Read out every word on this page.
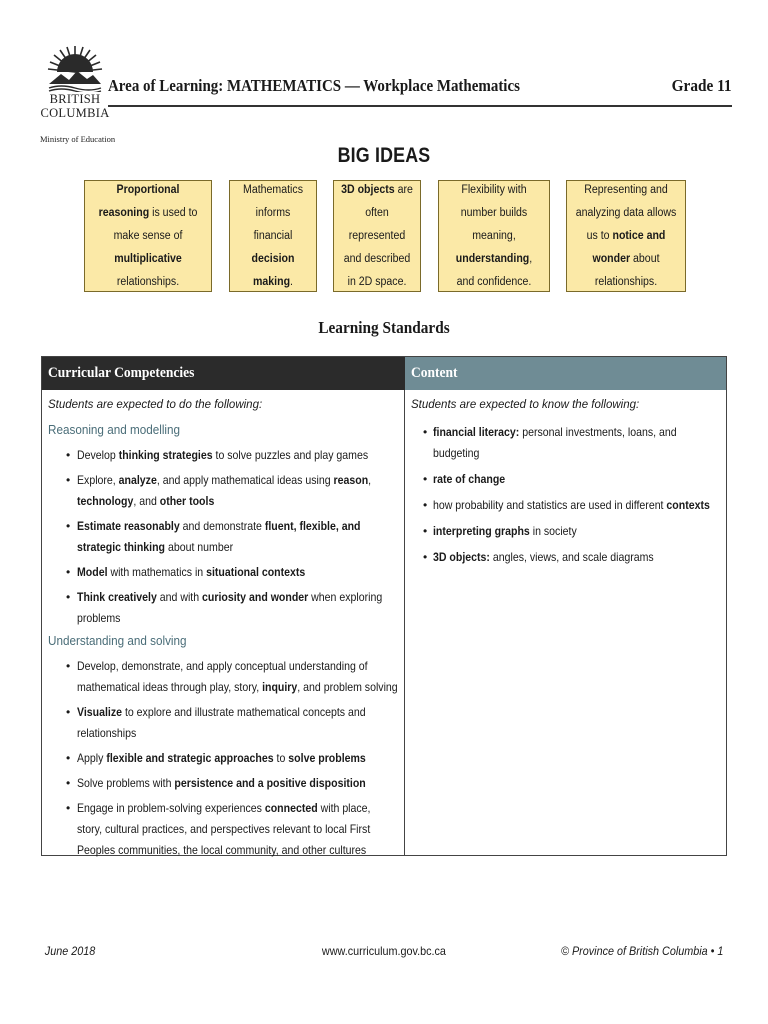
BRITISH
COLUMBIA
Ministry of Education
Area of Learning: MATHEMATICS — Workplace Mathematics	Grade 11
BIG IDEAS
Proportional reasoning is used to make sense of multiplicative relationships.
Mathematics informs financial decision making.
3D objects are often represented and described in 2D space.
Flexibility with number builds meaning, understanding, and confidence.
Representing and analyzing data allows us to notice and wonder about relationships.
Learning Standards
Curricular Competencies	Content
Students are expected to do the following:
Reasoning and modelling
• Develop thinking strategies to solve puzzles and play games
• Explore, analyze, and apply mathematical ideas using reason, technology, and other tools
• Estimate reasonably and demonstrate fluent, flexible, and strategic thinking about number
• Model with mathematics in situational contexts
• Think creatively and with curiosity and wonder when exploring problems
Understanding and solving
• Develop, demonstrate, and apply conceptual understanding of mathematical ideas through play, story, inquiry, and problem solving
• Visualize to explore and illustrate mathematical concepts and relationships
• Apply flexible and strategic approaches to solve problems
• Solve problems with persistence and a positive disposition
• Engage in problem-solving experiences connected with place, story, cultural practices, and perspectives relevant to local First Peoples communities, the local community, and other cultures
Students are expected to know the following:
• financial literacy: personal investments, loans, and budgeting
• rate of change
• how probability and statistics are used in different contexts
• interpreting graphs in society
• 3D objects: angles, views, and scale diagrams
June 2018	www.curriculum.gov.bc.ca	© Province of British Columbia • 1
